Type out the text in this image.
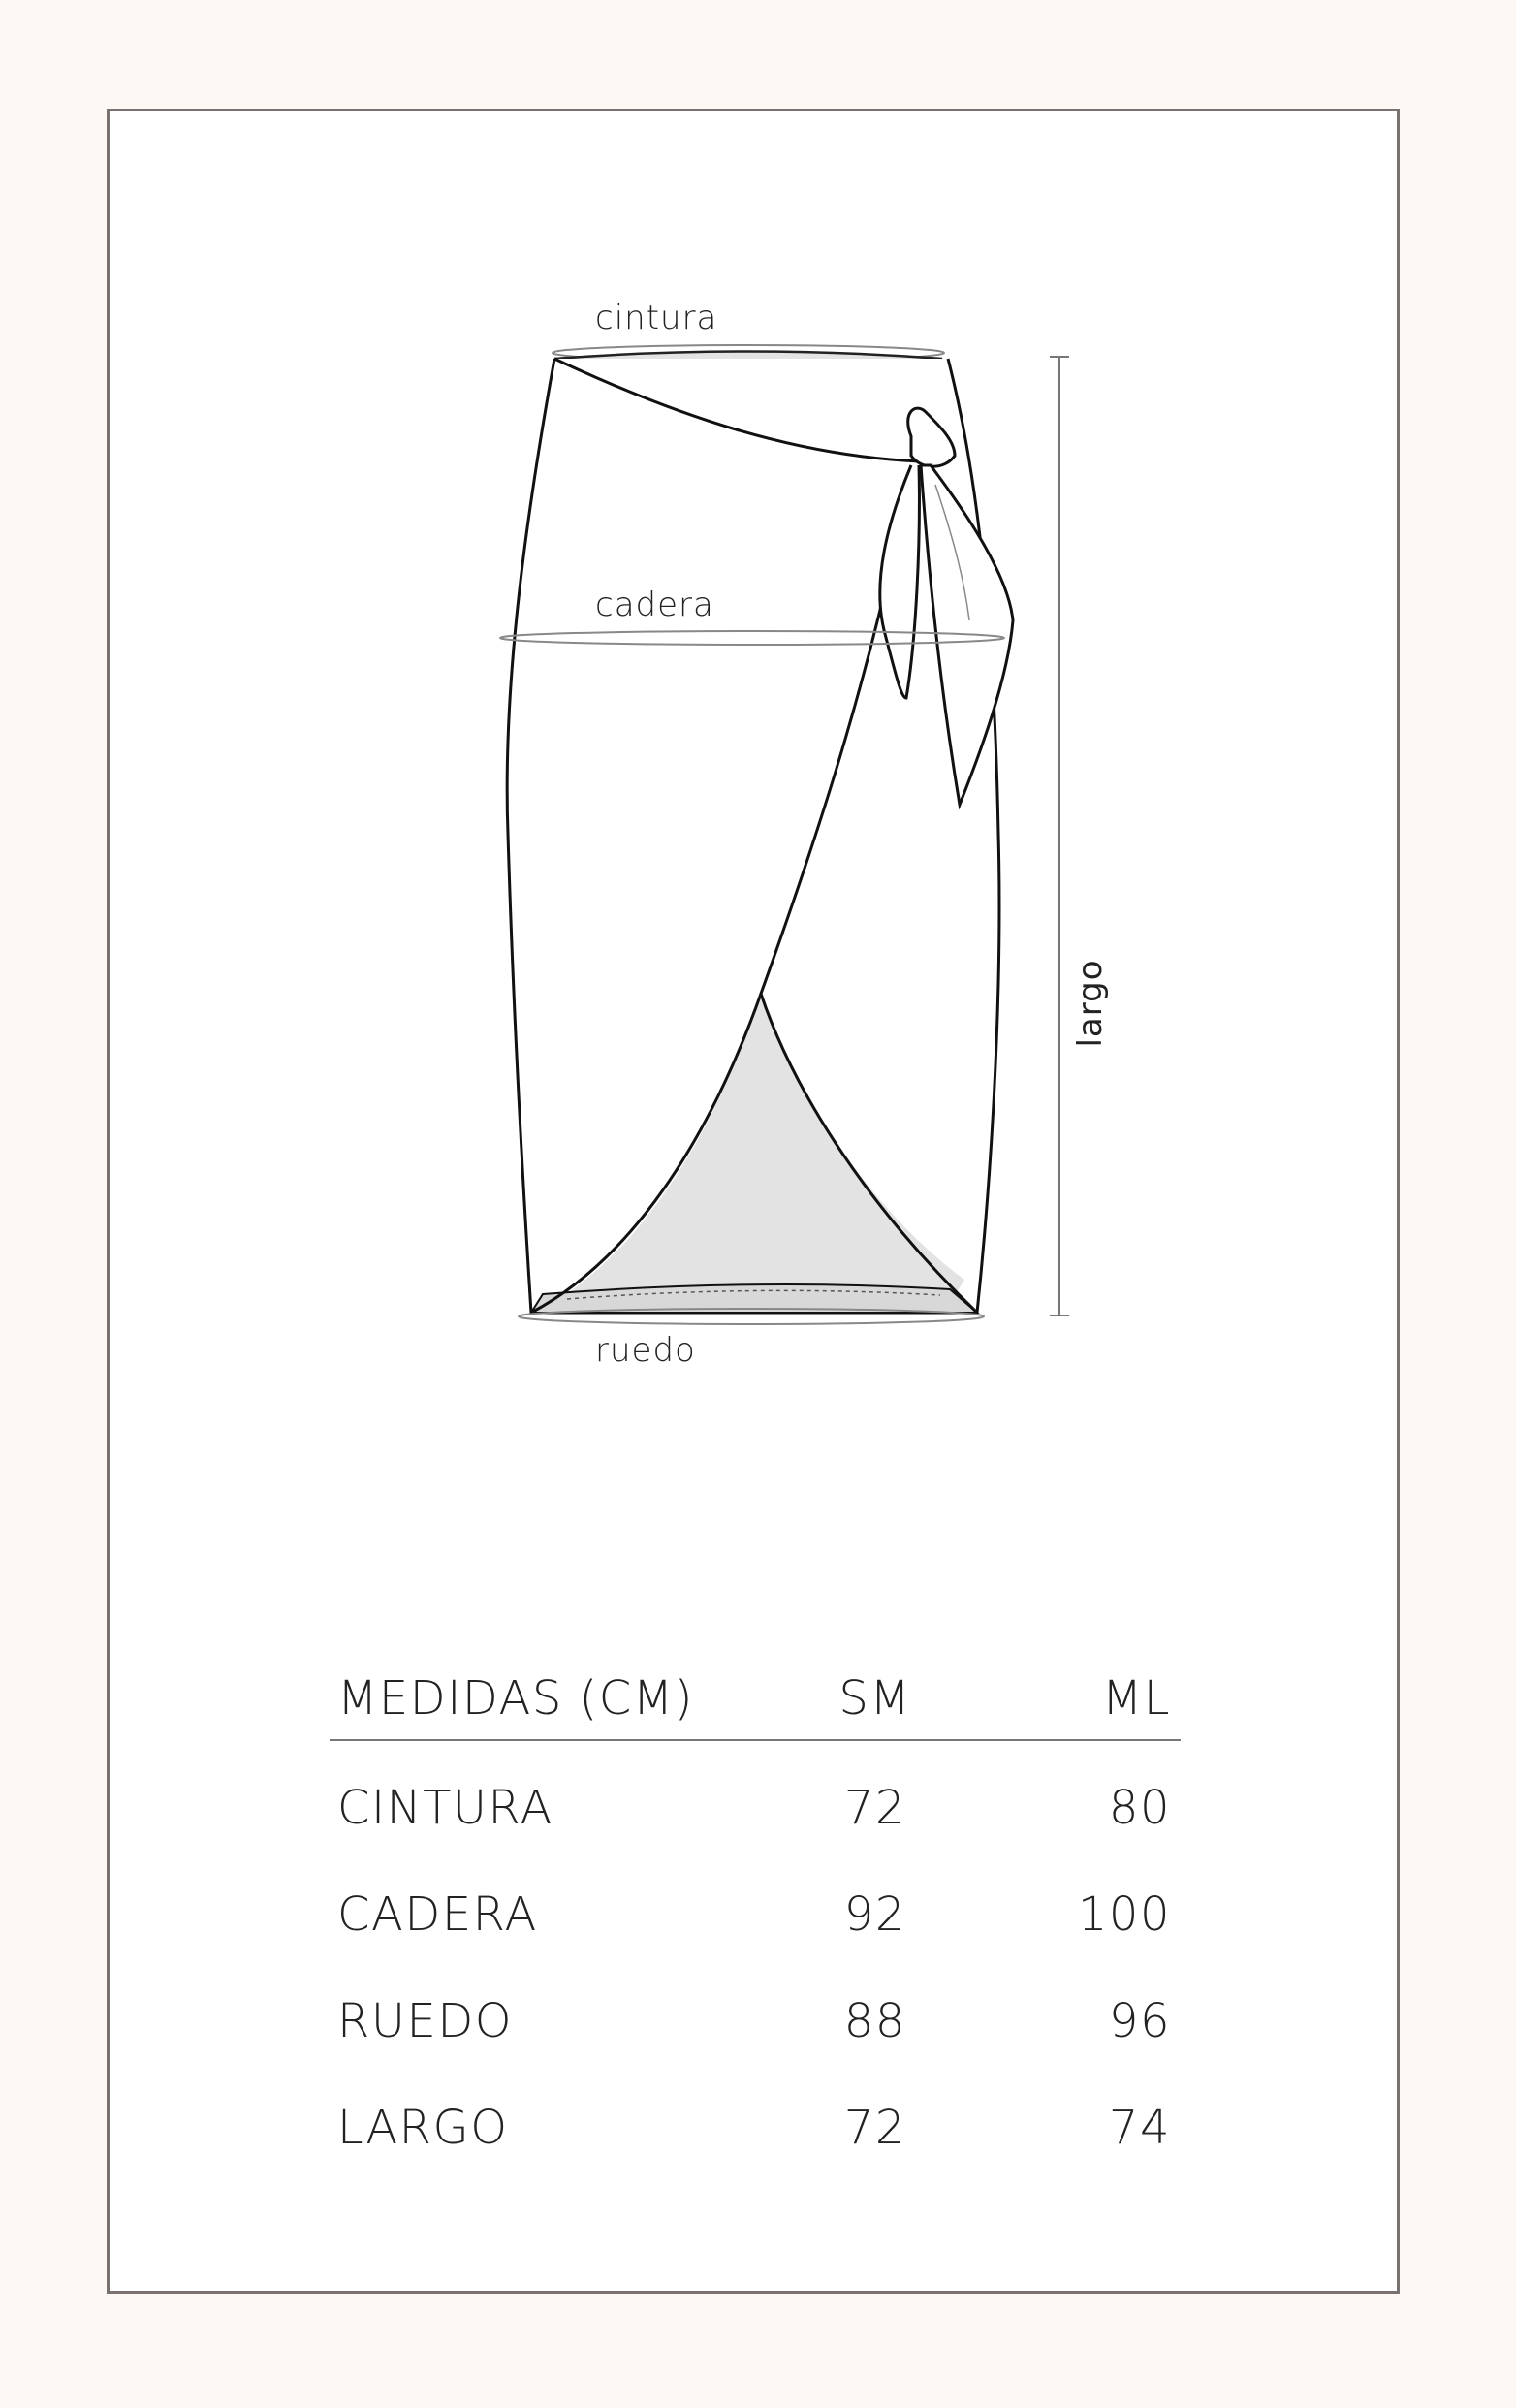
cintura
cadera
ruedo
largo
MEDIDAS (CM)	SM	ML
CINTURA	72	80
CADERA	92	100
RUEDO	88	96
LARGO	72	74
